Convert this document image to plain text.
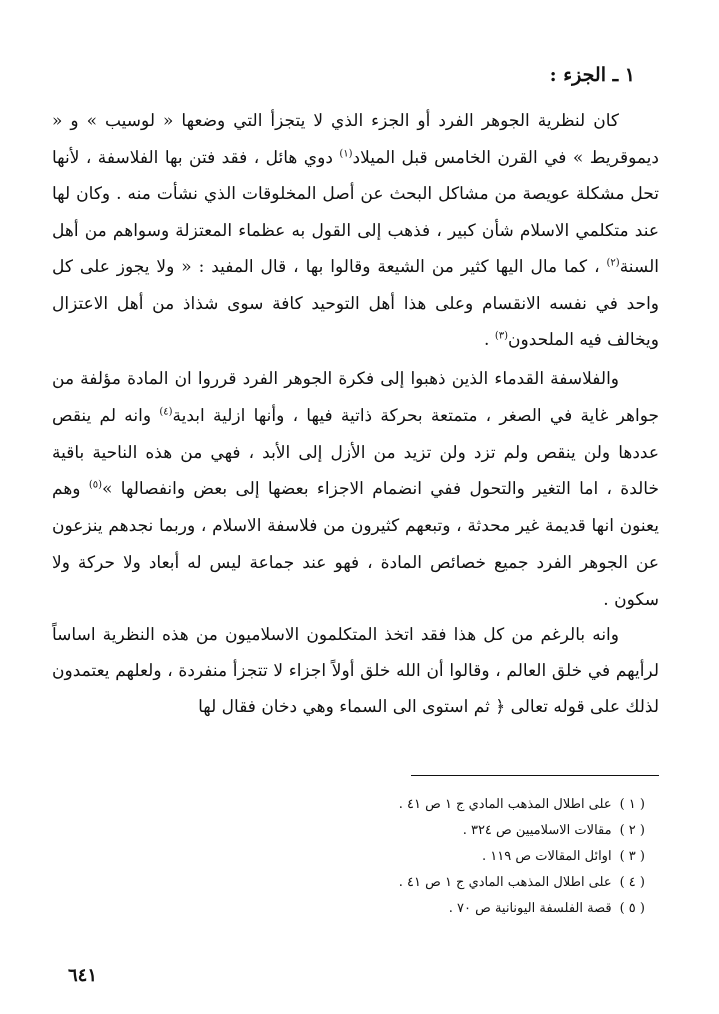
١ ـ الجزء :

كان لنظرية الجوهر الفرد أو الجزء الذي لا يتجزأ التي وضعها « لوسيب » و « ديموقريط » في القرن الخامس قبل الميلاد$^{(١)}$ دوي هائل ، فقد فتن بها الفلاسفة ، لأنها تحل مشكلة عويصة من مشاكل البحث عن أصل المخلوقات الذي نشأت منه . وكان لها عند متكلمي الاسلام شأن كبير ، فذهب إلى القول به عظماء المعتزلة وسواهم من أهل السنة$^{(٢)}$ ، كما مال اليها كثير من الشيعة وقالوا بها ، قال المفيد : « ولا يجوز على كل واحد في نفسه الانقسام وعلى هذا أهل التوحيد كافة سوى شذاذ من أهل الاعتزال ويخالف فيه الملحدون$^{(٣)}$ .

والفلاسفة القدماء الذين ذهبوا إلى فكرة الجوهر الفرد قرروا ان المادة مؤلفة من جواهر غاية في الصغر ، متمتعة بحركة ذاتية فيها ، وأنها ازلية ابدية$^{(٤)}$ وانه لم ينقص عددها ولن ينقص ولم تزد ولن تزيد من الأزل إلى الأبد ، فهي من هذه الناحية باقية خالدة ، اما التغير والتحول ففي انضمام الاجزاء بعضها إلى بعض وانفصالها »$^{(٥)}$ وهم يعنون انها قديمة غير محدثة ، وتبعهم كثيرون من فلاسفة الاسلام ، وربما نجدهم ينزعون عن الجوهر الفرد جميع خصائص المادة ، فهو عند جماعة ليس له أبعاد ولا حركة ولا سكون .

وانه بالرغم من كل هذا فقد اتخذ المتكلمون الاسلاميون من هذه النظرية اساساً لرأيهم في خلق العالم ، وقالوا أن الله خلق أولاً اجزاء لا تتجزأ منفردة ، ولعلهم يعتمدون لذلك على قوله تعالى ﴿ ثم استوى الى السماء وهي دخان فقال لها

( ١ )على اطلال المذهب المادي ج ١ ص ٤١ .
( ٢ )مقالات الاسلاميين ص ٣٢٤ .
( ٣ )اوائل المقالات ص ١١٩ .
( ٤ )على اطلال المذهب المادي ج ١ ص ٤١ .
( ٥ )قصة الفلسفة اليونانية ص ٧٠ .
٦٤١
